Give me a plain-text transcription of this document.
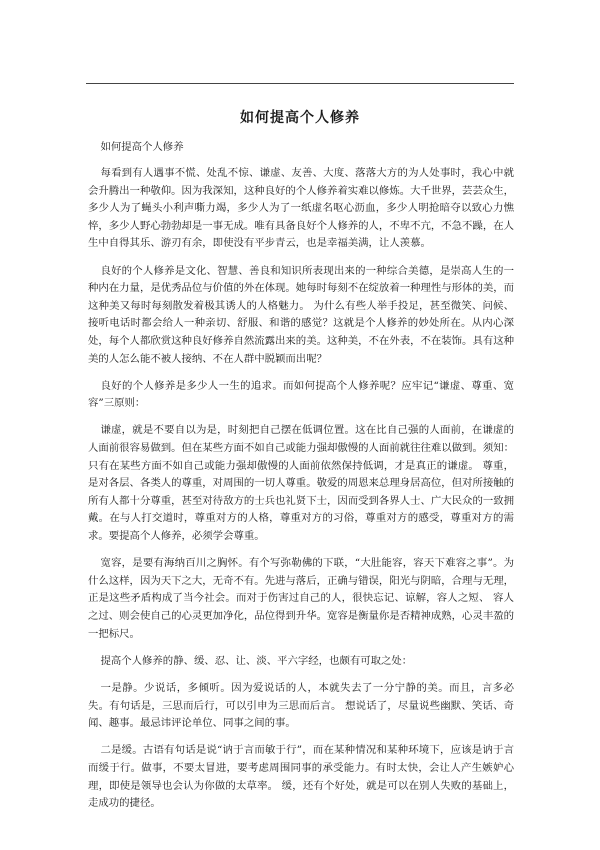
如何提高个人修养

如何提高个人修养

每看到有人遇事不慌、处乱不惊、谦虚、友善、大度、落落大方的为人处事时，我心中就会升腾出一种敬仰。因为我深知，这种良好的个人修养着实难以修炼。大千世界，芸芸众生，多少人为了蝇头小利声嘶力竭，多少人为了一纸虚名呕心沥血，多少人明抢暗夺以致心力憔悴，多少人野心勃勃却是一事无成。唯有具备良好个人修养的人，不卑不亢，不急不躁，在人生中自得其乐、游刃有余，即使没有平步青云，也是幸福美满，让人羡慕。

良好的个人修养是文化、智慧、善良和知识所表现出来的一种综合美德，是崇高人生的一种内在力量，是优秀品位与价值的外在体现。她每时每刻不在绽放着一种理性与形体的美，而这种美又每时每刻散发着极其诱人的人格魅力。 为什么有些人举手投足，甚至微笑、问候、接听电话时都会给人一种亲切、舒服、和谐的感觉？这就是个人修养的妙处所在。从内心深处，每个人都欣赏这种良好修养自然流露出来的美。这种美，不在外表，不在装饰。具有这种美的人怎么能不被人接纳、不在人群中脱颖而出呢？

良好的个人修养是多少人一生的追求。而如何提高个人修养呢？应牢记“谦虚、尊重、宽容”三原则：

谦虚，就是不要自以为是，时刻把自己摆在低调位置。这在比自己强的人面前，在谦虚的人面前很容易做到。但在某些方面不如自己或能力强却傲慢的人面前就往往难以做到。须知：只有在某些方面不如自己或能力强却傲慢的人面前依然保持低调，才是真正的谦虚。 尊重，是对各层、各类人的尊重，对周围的一切人尊重。敬爱的周恩来总理身居高位，但对所接触的所有人都十分尊重，甚至对待敌方的士兵也礼贤下士，因而受到各界人士、广大民众的一致拥戴。在与人打交道时，尊重对方的人格，尊重对方的习俗，尊重对方的感受，尊重对方的需求。要提高个人修养，必须学会尊重。

宽容，是要有海纳百川之胸怀。有个写弥勒佛的下联，“大肚能容，容天下难容之事”。为什么这样，因为天下之大，无奇不有。先进与落后，正确与错误，阳光与阴暗，合理与无理，正是这些矛盾构成了当今社会。而对于伤害过自己的人，很快忘记、谅解，容人之短、 容人之过、则会使自己的心灵更加净化，品位得到升华。宽容是衡量你是否精神成熟，心灵丰盈的一把标尺。

提高个人修养的静、缓、忍、让、淡、平六字经，也颇有可取之处：

一是静。少说话，多倾听。因为爱说话的人，本就失去了一分宁静的美。而且，言多必失。有句话是，三思而后行，可以引申为三思而后言。 想说话了，尽量说些幽默、笑话、奇闻、趣事。最忌讳评论单位、同事之间的事。

二是缓。古语有句话是说“讷于言而敏于行”，而在某种情况和某种环境下，应该是讷于言而缓于行。做事，不要太冒进，要考虑周围同事的承受能力。有时太快，会让人产生嫉妒心理，即使是领导也会认为你做的太草率。 缓，还有个好处，就是可以在别人失败的基础上，走成功的捷径。
